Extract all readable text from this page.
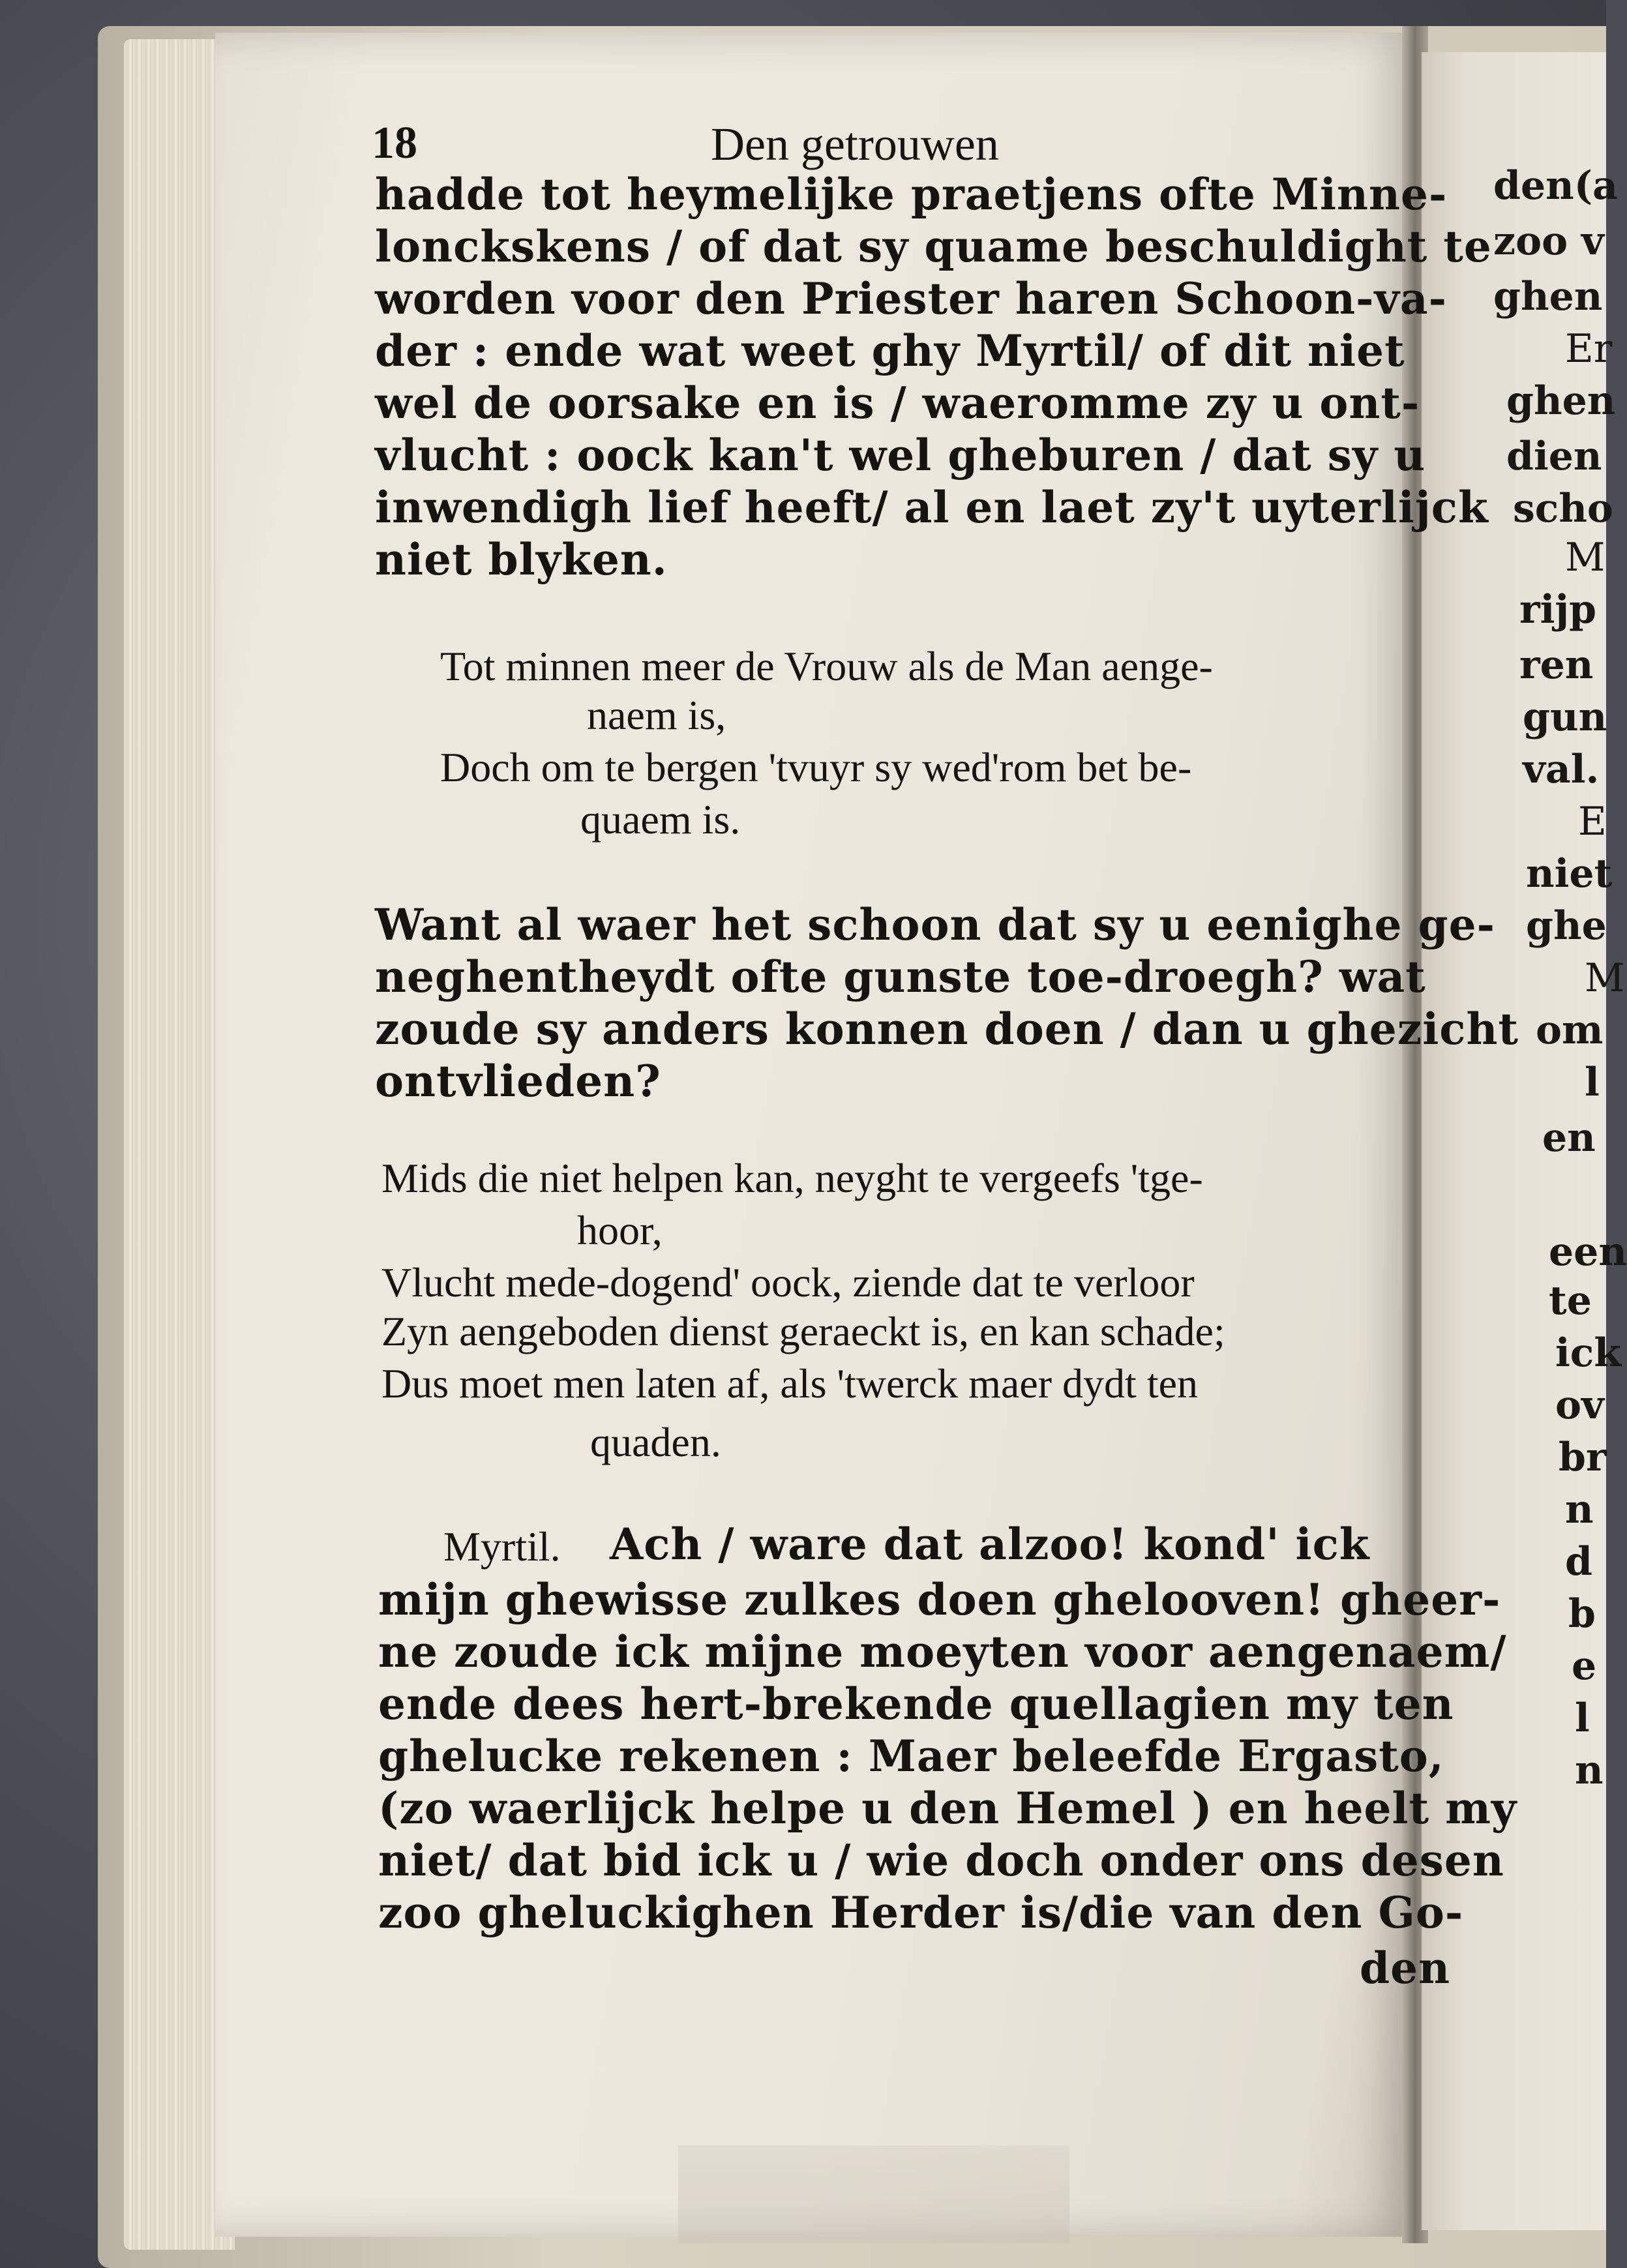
18	Den getrouwen
hadde tot heymelijke praetjens ofte Minne-
lonckskens / of dat sy quame beschuldight te
worden voor den Priester haren Schoon-va-
der : ende wat weet ghy Myrtil/ of dit niet
wel de oorsake en is / waeromme zy u ont-
vlucht : oock kan't wel gheburen / dat sy u
inwendigh lief heeft/ al en laet zy't uyterlijck
niet blyken.
Tot minnen meer de Vrouw als de Man aenge-
naem is,
Doch om te bergen 'tvuyr sy wed'rom bet be-
quaem is.
Want al waer het schoon dat sy u eenighe ge-
neghentheydt ofte gunste toe-droegh? wat
zoude sy anders konnen doen / dan u ghezicht
ontvlieden?
Mids die niet helpen kan, neyght te vergeefs 'tge-
hoor,
Vlucht mede-dogend' oock, ziende dat te verloor
Zyn aengeboden dienst geraeckt is, en kan schade;
Dus moet men laten af, als 'twerck maer dydt ten
quaden.
Myrtil. Ach / ware dat alzoo! kond' ick
mijn ghewisse zulkes doen ghelooven! gheer-
ne zoude ick mijne moeyten voor aengenaem/
ende dees hert-brekende quellagien my ten
ghelucke rekenen : Maer beleefde Ergasto,
(zo waerlijck helpe u den Hemel ) en heelt my
niet/ dat bid ick u / wie doch onder ons desen
zoo gheluckighen Herder is/die van den Go-
den
den(a
zoo v
ghen
Er
ghen
dien
scho
M
rijp
ren
gun
val.
E
niet
ghe
M
om
l
en
een
te
ick
ov
br
n
d
b
e
l
n
